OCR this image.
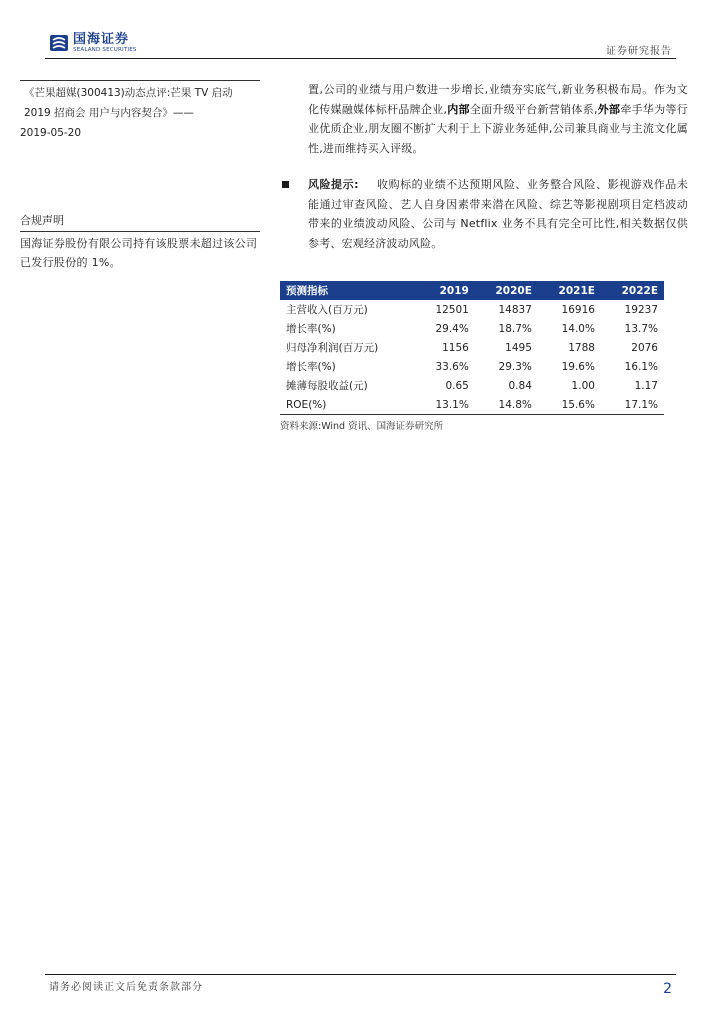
国海证券
SEALAND SECURITIES	证券研究报告
《芒果超媒(300413)动态点评:芒果 TV 启动
2019 招商会 用户与内容契合》——
2019-05-20
合规声明
国海证券股份有限公司持有该股票未超过该公司已发行股份的 1%。
置,公司的业绩与用户数进一步增长,业绩夯实底气,新业务积极布局。作为文化传媒融媒体标杆品牌企业,内部全面升级平台新营销体系,外部牵手华为等行业优质企业,朋友圈不断扩大利于上下游业务延伸,公司兼具商业与主流文化属性,进而维持买入评级。
风险提示: 收购标的业绩不达预期风险、业务整合风险、影视游戏作品未能通过审查风险、艺人自身因素带来潜在风险、综艺等影视剧项目定档波动带来的业绩波动风险、公司与 Netflix 业务不具有完全可比性,相关数据仅供参考、宏观经济波动风险。
预测指标	2019	2020E	2021E	2022E
主营收入(百万元)	12501	14837	16916	19237
增长率(%)	29.4%	18.7%	14.0%	13.7%
归母净利润(百万元)	1156	1495	1788	2076
增长率(%)	33.6%	29.3%	19.6%	16.1%
摊薄每股收益(元)	0.65	0.84	1.00	1.17
ROE(%)	13.1%	14.8%	15.6%	17.1%
资料来源:Wind 资讯、国海证券研究所
请务必阅读正文后免责条款部分	2
